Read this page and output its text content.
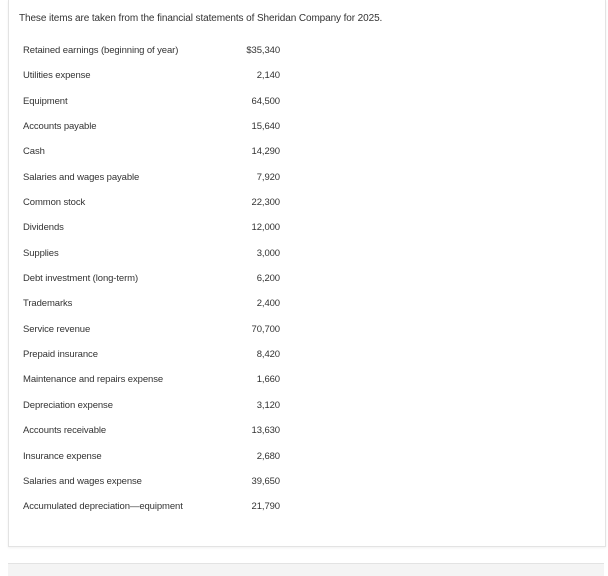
These items are taken from the financial statements of Sheridan Company for 2025.
Retained earnings (beginning of year)	$35,340
Utilities expense	2,140
Equipment	64,500
Accounts payable	15,640
Cash	14,290
Salaries and wages payable	7,920
Common stock	22,300
Dividends	12,000
Supplies	3,000
Debt investment (long-term)	6,200
Trademarks	2,400
Service revenue	70,700
Prepaid insurance	8,420
Maintenance and repairs expense	1,660
Depreciation expense	3,120
Accounts receivable	13,630
Insurance expense	2,680
Salaries and wages expense	39,650
Accumulated depreciation—equipment	21,790
